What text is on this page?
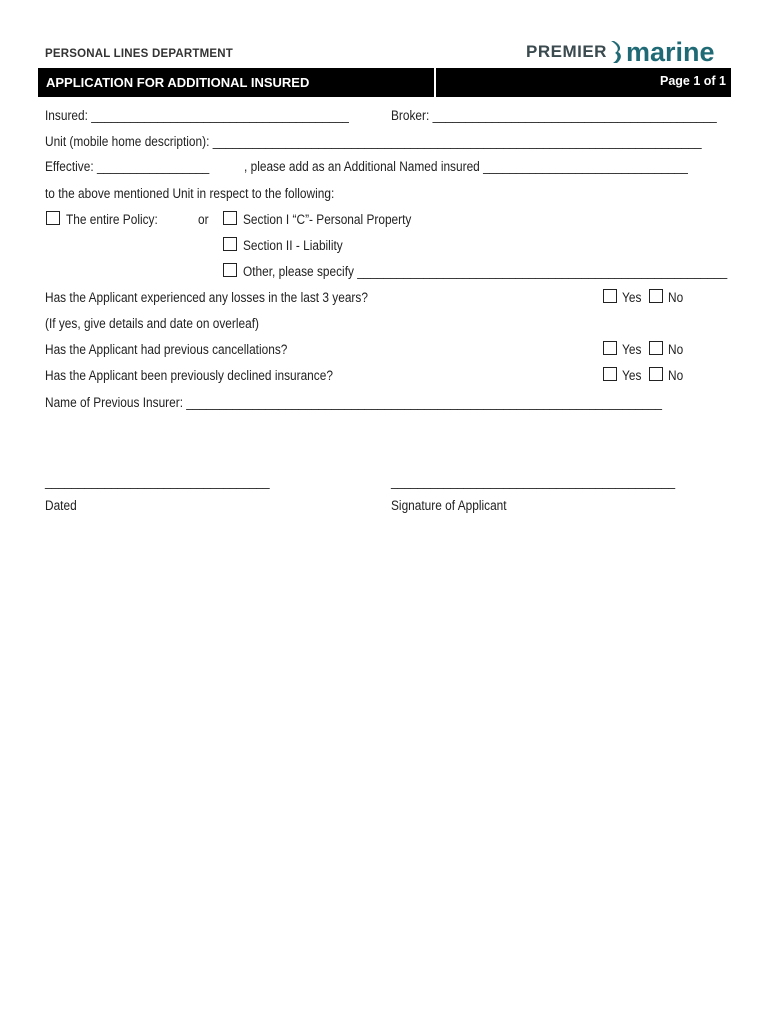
PERSONAL LINES DEPARTMENT	PREMIER marine
APPLICATION FOR ADDITIONAL INSURED	Page 1 of 1
Insured: _______________________________________	Broker: ___________________________________________
Unit (mobile home description): __________________________________________________________________________
Effective: _________________	, please add as an Additional Named insured _______________________________
to the above mentioned Unit in respect to the following:
The entire Policy:	or	Section I “C”- Personal Property
Section II - Liability
Other, please specify ________________________________________________________
Has the Applicant experienced any losses in the last 3 years?	Yes No
(If yes, give details and date on overleaf)
Has the Applicant had previous cancellations?	Yes No
Has the Applicant been previously declined insurance?	Yes No
Name of Previous Insurer: ________________________________________________________________________
__________________________________	___________________________________________
Dated	Signature of Applicant
